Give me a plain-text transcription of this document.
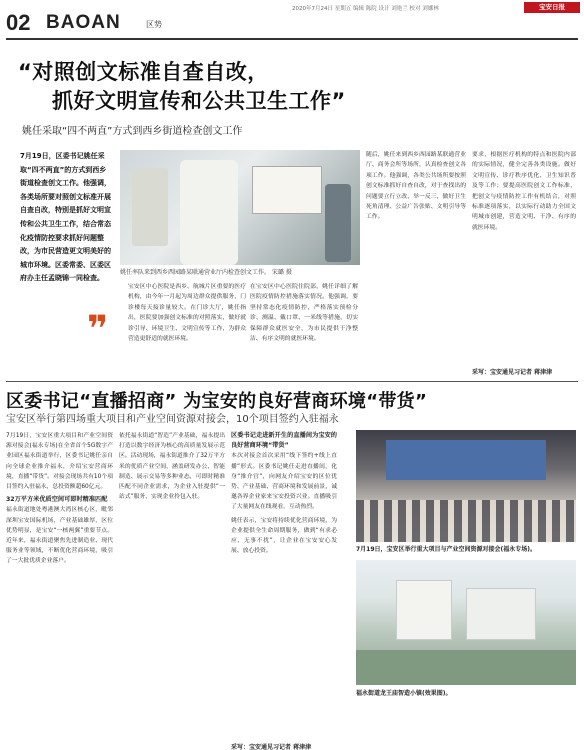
02 BAOAN	区势
2020年7月24日 星期五 编辑 陈院 设计 刘艳兰 校对 刘娜林	宝安日报
“对照创文标准自查自改，
抓好文明宣传和公共卫生工作”
姚任采取“四不两直”方式到西乡街道检查创文工作
7月19日，区委书记姚任采取“四不两直”的方式到西乡街道检查创文工作。他强调，各类场所要对照创文标准开展自查自改，特别是抓好文明宣传和公共卫生工作，结合常态化疫情防控要求抓好问题整改，为市民营造更文明美好的城市环境。区委常委、区委区府办主任孟晓锦一同检查。
姚任率队来到西乡西园路某联通营业厅内检查创文工作。 宋璐 摄
❞
宝安区中心医院是西乡、航城片区重要的医疗机构，由今年一月起为周边群众提供服务，门诊楼每天接诊量较大。在门诊大厅，姚任指出，医院要加强创文标准的对照落实，做好就诊引导、环境卫生、文明宣传等工作，为群众营造更舒适的就医环境。
在宝安区中心医院住院部，姚任详细了解医院疫情防控措施落实情况。他强调，要坚持常态化疫情防控，严格落实预检分诊、测温、戴口罩、一米线等措施，切实保障群众就医安全，为市民提供干净整洁、有序文明的就医环境。
随后，姚任来到西乡西园路某联通营业厅、商务会所等场所，认真检查创文各项工作。他强调，各类公共场所要按照创文标准抓好自查自改，对于查找出的问题要立行立改、举一反三，做好卫生死角清理、公益广告张贴、文明引导等工作。
要求，根据医疗机构的特点和医院内部的实际情况，健全完善各类设施。做好文明宣传、诊疗秩序优化、卫生知识普及等工作；要提高医院创文工作标准，把创文与疫情防控工作有机结合，对照标准逐项落实，以实际行动助力全国文明城市创建，营造文明、干净、有序的就医环境。
采写：宝安通见习记者 蒋津津
区委书记“直播招商” 为宝安的良好营商环境“带货”
宝安区举行第四场重大项目和产业空间资源对接会，10个项目签约入驻福永

7月19日，宝安区重大项目和产业空间资源对接会(福永专场)在全省首个5G数字产业园区福永街道举行，区委书记姚任亲自向全球企业推介福永，介绍宝安营商环境，直播“带货”。对接会现场共有10个项目签约入驻福永，总投资额超60亿元。

32万平方米优质空间可即时精准匹配

福永街道地处粤港澳大湾区核心区，毗邻深圳宝安国际机场，产业基础雄厚，区位优势明显，是宝安“一核两翼”重要节点。近年来，福永街道聚焦先进制造业、现代服务业等领域，不断优化营商环境，吸引了一大批优质企业落户。

依托福永街道“智造”产业基础，福永提出打造以数字经济为核心的高质量发展示范区。活动现场，福永街道推介了32万平方米的优质产业空间，涵盖研发办公、智能制造、展示交易等多种业态，可即时精准匹配不同企业需求，为企业入驻提供“一站式”服务，实现企业拎包入驻。

区委书记走进新开生的直播间为宝安的良好营商环境“带货”

本次对接会首次采用“线下签约+线上直播”形式。区委书记姚任走进直播间，化身“推介官”，向网友介绍宝安的区位优势、产业基础、营商环境和发展前景，诚邀各界企业家来宝安投资兴业。直播吸引了大量网友在线观看，互动热烈。

姚任表示，宝安将持续优化营商环境，为企业提供全生命周期服务，做到“有求必应、无事不扰”，让企业在宝安安心发展、放心投资。

采写：宝安通见习记者 蒋津津
7月19日，宝安区举行重大项目与产业空间资源对接会(福永专场)。
福永街道龙王庙智造小镇(效果图)。
